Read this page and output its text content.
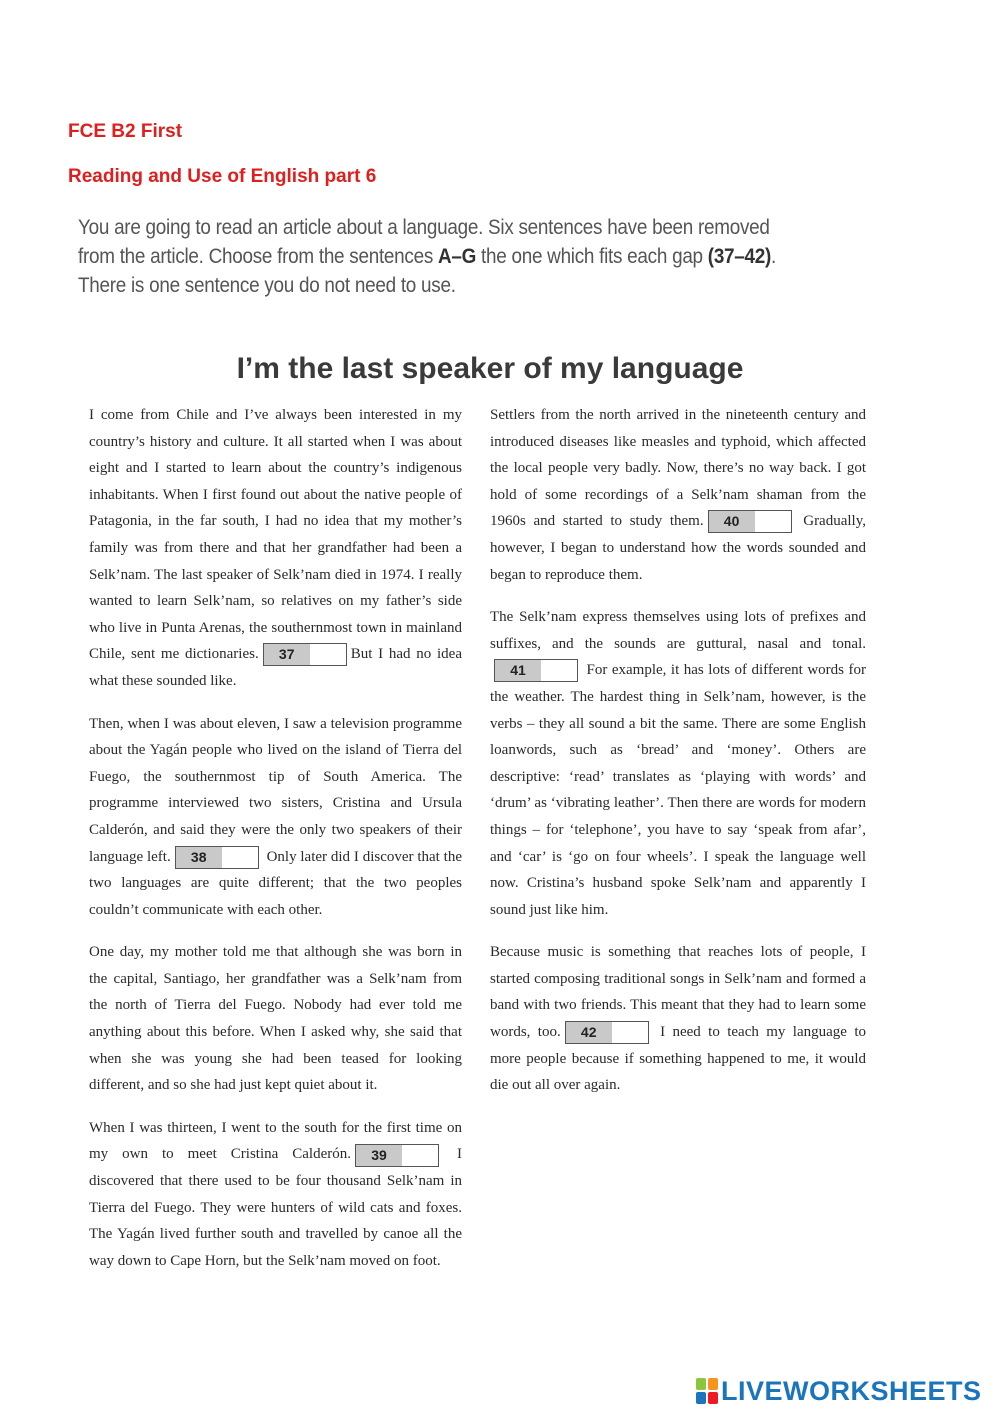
FCE B2 First
Reading and Use of English part 6
You are going to read an article about a language. Six sentences have been removed from the article. Choose from the sentences A–G the one which fits each gap (37–42). There is one sentence you do not need to use.
I’m the last speaker of my language

I come from Chile and I’ve always been interested in my country’s history and culture. It all started when I was about eight and I started to learn about the country’s indigenous inhabitants. When I first found out about the native people of Patagonia, in the far south, I had no idea that my mother’s family was from there and that her grandfather had been a Selk’nam. The last speaker of Selk’nam died in 1974. I really wanted to learn Selk’nam, so relatives on my father’s side who live in Punta Arenas, the southernmost town in mainland Chile, sent me dictionaries.	37	But I had no idea what these sounded like.

Then, when I was about eleven, I saw a television programme about the Yagán people who lived on the island of Tierra del Fuego, the southernmost tip of South America. The programme interviewed two sisters, Cristina and Ursula Calderón, and said they were the only two speakers of their language left.	38	Only later did I discover that the two languages are quite different; that the two peoples couldn’t communicate with each other.

One day, my mother told me that although she was born in the capital, Santiago, her grandfather was a Selk’nam from the north of Tierra del Fuego. Nobody had ever told me anything about this before. When I asked why, she said that when she was young she had been teased for looking different, and so she had just kept quiet about it.

When I was thirteen, I went to the south for the first time on my own to meet Cristina Calderón.	39	I discovered that there used to be four thousand Selk’nam in Tierra del Fuego. They were hunters of wild cats and foxes. The Yagán lived further south and travelled by canoe all the way down to Cape Horn, but the Selk’nam moved on foot.

Settlers from the north arrived in the nineteenth century and introduced diseases like measles and typhoid, which affected the local people very badly. Now, there’s no way back. I got hold of some recordings of a Selk’nam shaman from the 1960s and started to study them.	40	Gradually, however, I began to understand how the words sounded and began to reproduce them.

The Selk’nam express themselves using lots of prefixes and suffixes, and the sounds are guttural, nasal and tonal.
41	For example, it has lots of different words for the weather. The hardest thing in Selk’nam, however, is the verbs – they all sound a bit the same. There are some English loanwords, such as ‘bread’ and ‘money’. Others are descriptive: ‘read’ translates as ‘playing with words’ and ‘drum’ as ‘vibrating leather’. Then there are words for modern things – for ‘telephone’, you have to say ‘speak from afar’, and ‘car’ is ‘go on four wheels’. I speak the language well now. Cristina’s husband spoke Selk’nam and apparently I sound just like him.

Because music is something that reaches lots of people, I started composing traditional songs in Selk’nam and formed a band with two friends. This meant that they had to learn some words, too.	42	I need to teach my language to more people because if something happened to me, it would die out all over again.

LIVEWORKSHEETS
